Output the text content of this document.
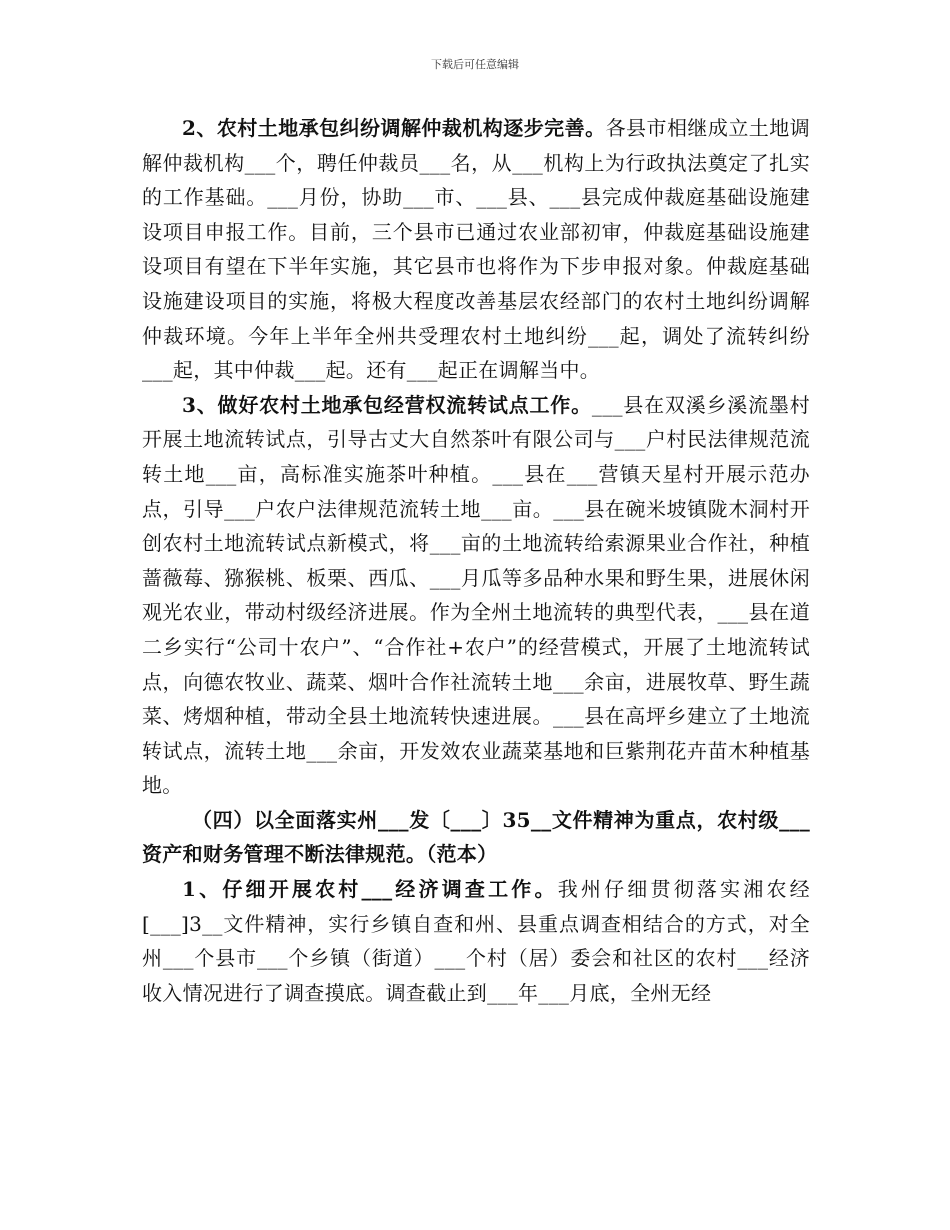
下载后可任意编辑

2、农村土地承包纠纷调解仲裁机构逐步完善。各县市相继成立土地调解仲裁机构___个，聘任仲裁员___名，从___机构上为行政执法奠定了扎实的工作基础。___月份，协助___市、___县、___县完成仲裁庭基础设施建设项目申报工作。目前，三个县市已通过农业部初审，仲裁庭基础设施建设项目有望在下半年实施，其它县市也将作为下步申报对象。仲裁庭基础设施建设项目的实施，将极大程度改善基层农经部门的农村土地纠纷调解仲裁环境。今年上半年全州共受理农村土地纠纷___起，调处了流转纠纷___起，其中仲裁___起。还有___起正在调解当中。

3、做好农村土地承包经营权流转试点工作。___县在双溪乡溪流墨村开展土地流转试点，引导古丈大自然茶叶有限公司与___户村民法律规范流转土地___亩，高标准实施茶叶种植。___县在___营镇天星村开展示范办点，引导___户农户法律规范流转土地___亩。___县在碗米坡镇陇木洞村开创农村土地流转试点新模式，将___亩的土地流转给索源果业合作社，种植蔷薇莓、猕猴桃、板栗、西瓜、___月瓜等多品种水果和野生果，进展休闲观光农业，带动村级经济进展。作为全州土地流转的典型代表，___县在道二乡实行“公司十农户”、“合作社+农户”的经营模式，开展了土地流转试点，向德农牧业、蔬菜、烟叶合作社流转土地___余亩，进展牧草、野生蔬菜、烤烟种植，带动全县土地流转快速进展。___县在高坪乡建立了土地流转试点，流转土地___余亩，开发效农业蔬菜基地和巨紫荆花卉苗木种植基地。

（四）以全面落实州___发〔___〕35__文件精神为重点，农村级___资产和财务管理不断法律规范。（范本）

1、仔细开展农村___经济调查工作。我州仔细贯彻落实湘农经[___]3__文件精神，实行乡镇自查和州、县重点调查相结合的方式，对全州___个县市___个乡镇（街道）___个村（居）委会和社区的农村___经济收入情况进行了调查摸底。调查截止到___年___月底，全州无经
